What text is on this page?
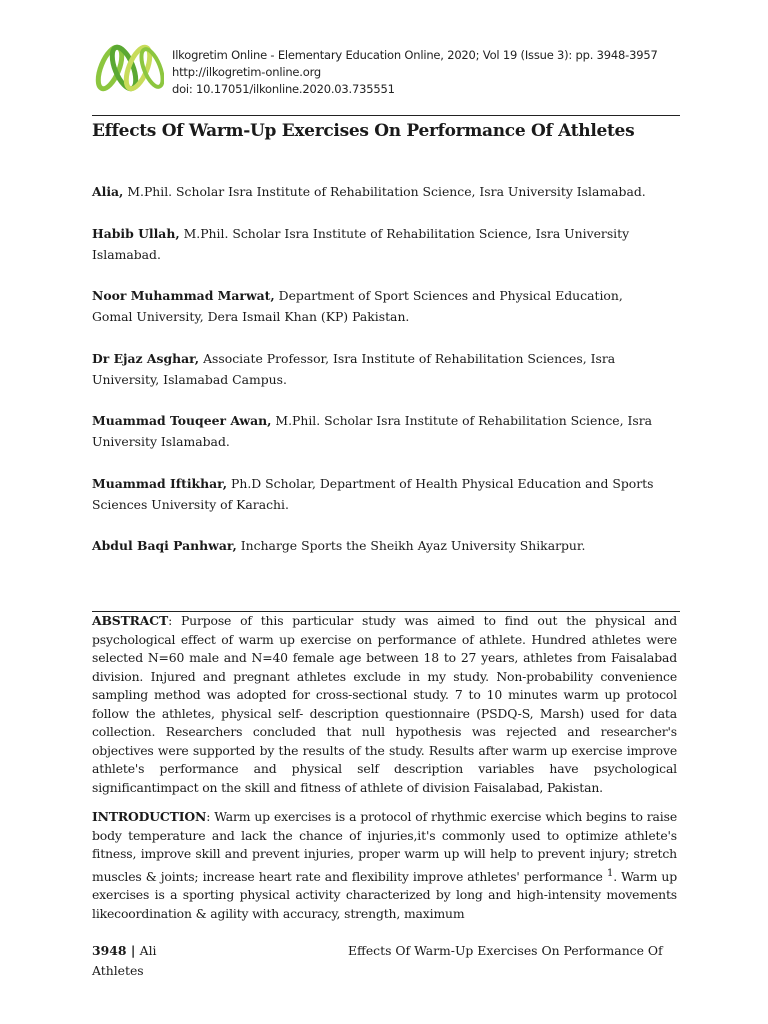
Ilkogretim Online - Elementary Education Online, 2020; Vol 19 (Issue 3): pp. 3948-3957
http://ilkogretim-online.org
doi: 10.17051/ilkonline.2020.03.735551
Effects Of Warm-Up Exercises On Performance Of Athletes

Alia, M.Phil. Scholar Isra Institute of Rehabilitation Science, Isra University Islamabad.

Habib Ullah, M.Phil. Scholar Isra Institute of Rehabilitation Science, Isra University Islamabad.

Noor Muhammad Marwat, Department of Sport Sciences and Physical Education, Gomal University, Dera Ismail Khan (KP) Pakistan.

Dr Ejaz Asghar, Associate Professor, Isra Institute of Rehabilitation Sciences, Isra University, Islamabad Campus.

Muammad Touqeer Awan, M.Phil. Scholar Isra Institute of Rehabilitation Science, Isra University Islamabad.

Muammad Iftikhar, Ph.D Scholar, Department of Health Physical Education and Sports Sciences University of Karachi.

Abdul Baqi Panhwar, Incharge Sports the Sheikh Ayaz University Shikarpur.

ABSTRACT: Purpose of this particular study was aimed to find out the physical and psychological effect of warm up exercise on performance of athlete. Hundred athletes were selected N=60 male and N=40 female age between 18 to 27 years, athletes from Faisalabad division. Injured and pregnant athletes exclude in my study. Non-probability convenience sampling method was adopted for cross-sectional study. 7 to 10 minutes warm up protocol follow the athletes, physical self- description questionnaire (PSDQ-S, Marsh) used for data collection. Researchers concluded that null hypothesis was rejected and researcher's objectives were supported by the results of the study. Results after warm up exercise improve athlete's performance and physical self description variables have psychological significantimpact on the skill and fitness of athlete of division Faisalabad, Pakistan.

INTRODUCTION: Warm up exercises is a protocol of rhythmic exercise which begins to raise body temperature and lack the chance of injuries,it's commonly used to optimize athlete's fitness, improve skill and prevent injuries, proper warm up will help to prevent injury; stretch muscles & joints; increase heart rate and flexibility improve athletes' performance $^1$. Warm up exercises is a sporting physical activity characterized by long and high-intensity movements likecoordination & agility with accuracy, strength, maximum

3948 | Ali
Athletes
Effects Of Warm-Up Exercises On Performance Of
